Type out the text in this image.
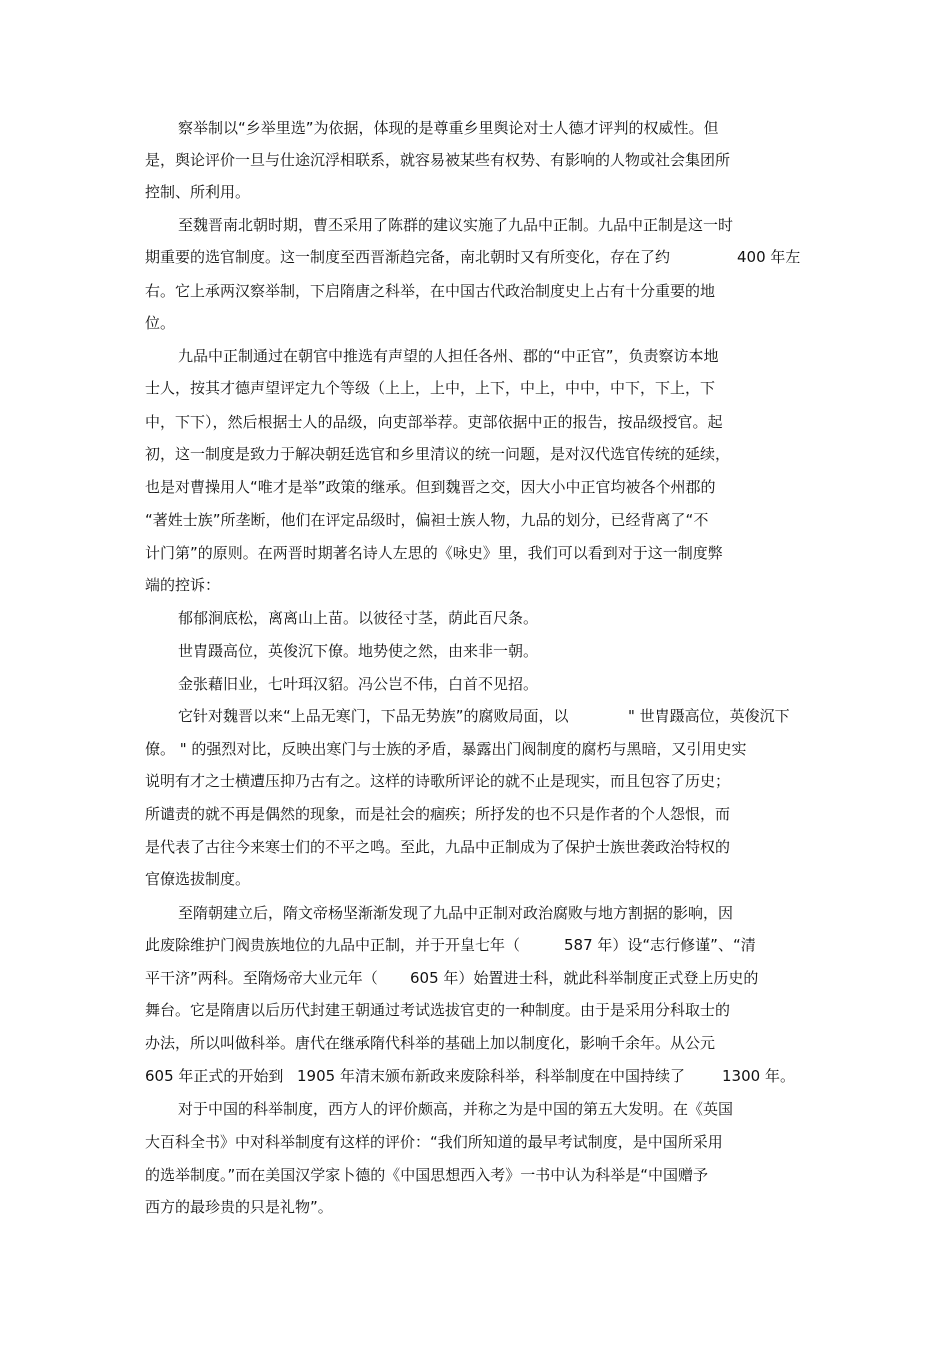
察举制以“乡举里选”为依据，体现的是尊重乡里舆论对士人德才评判的权威性。但
是，舆论评价一旦与仕途沉浮相联系，就容易被某些有权势、有影响的人物或社会集团所
控制、所利用。
至魏晋南北朝时期，曹丕采用了陈群的建议实施了九品中正制。九品中正制是这一时
期重要的选官制度。这一制度至西晋渐趋完备，南北朝时又有所变化，存在了约	400 年左
右。它上承两汉察举制，下启隋唐之科举，在中国古代政治制度史上占有十分重要的地
位。
九品中正制通过在朝官中推选有声望的人担任各州、郡的“中正官”，负责察访本地
士人，按其才德声望评定九个等级（上上，上中，上下，中上，中中，中下，下上，下
中，下下），然后根据士人的品级，向吏部举荐。吏部依据中正的报告，按品级授官。起
初，这一制度是致力于解决朝廷选官和乡里清议的统一问题，是对汉代选官传统的延续，
也是对曹操用人“唯才是举”政策的继承。但到魏晋之交，因大小中正官均被各个州郡的
“著姓士族”所垄断，他们在评定品级时，偏袒士族人物，九品的划分，已经背离了“不
计门第”的原则。在两晋时期著名诗人左思的《咏史》里，我们可以看到对于这一制度弊
端的控诉：
郁郁涧底松，离离山上苗。以彼径寸茎，荫此百尺条。
世胄蹑高位，英俊沉下僚。地势使之然，由来非一朝。
金张藉旧业，七叶珥汉貂。冯公岂不伟，白首不见招。
它针对魏晋以来“上品无寒门，下品无势族”的腐败局面，以	" 世胄蹑高位，英俊沉下
僚。 " 的强烈对比，反映出寒门与士族的矛盾，暴露出门阀制度的腐朽与黑暗，又引用史实
说明有才之士横遭压抑乃古有之。这样的诗歌所评论的就不止是现实，而且包容了历史；
所谴责的就不再是偶然的现象，而是社会的痼疾；所抒发的也不只是作者的个人怨恨，而
是代表了古往今来寒士们的不平之鸣。至此，九品中正制成为了保护士族世袭政治特权的
官僚选拔制度。
至隋朝建立后，隋文帝杨坚渐渐发现了九品中正制对政治腐败与地方割据的影响，因
此废除维护门阀贵族地位的九品中正制，并于开皇七年（	587 年）设“志行修谨”、“清
平干济”两科。至隋炀帝大业元年（ 605 年）始置进士科，就此科举制度正式登上历史的
舞台。它是隋唐以后历代封建王朝通过考试选拔官吏的一种制度。由于是采用分科取士的
办法，所以叫做科举。唐代在继承隋代科举的基础上加以制度化，影响千余年。从公元
605 年正式的开始到 1905 年清末颁布新政来废除科举，科举制度在中国持续了 1300 年。
对于中国的科举制度，西方人的评价颇高，并称之为是中国的第五大发明。在《英国
大百科全书》中对科举制度有这样的评价：“我们所知道的最早考试制度，是中国所采用
的选举制度。”而在美国汉学家卜德的《中国思想西入考》一书中认为科举是“中国赠予
西方的最珍贵的只是礼物”。
